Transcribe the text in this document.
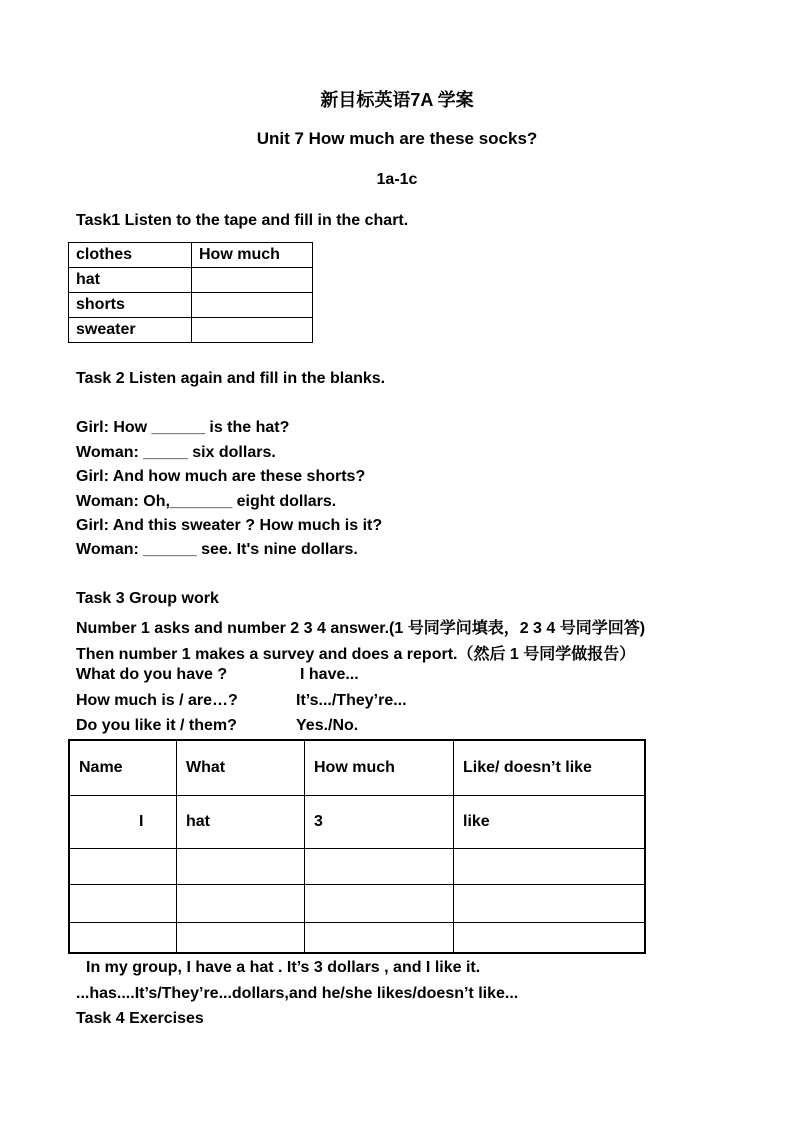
新目标英语7A 学案
Unit 7 How much are these socks?
1a-1c
Task1 Listen to the tape and fill in the chart.
clothes	How much
hat	
shorts	
sweater	
Task 2 Listen again and fill in the blanks.
Girl: How ______ is the hat?
Woman: _____ six dollars.
Girl: And how much are these shorts?
Woman: Oh,_______ eight dollars.
Girl: And this sweater ? How much is it?
Woman: ______ see. It's nine dollars.
Task 3 Group work
Number 1 asks and number 2 3 4 answer.(1 号同学问填表，2 3 4 号同学回答)
Then number 1 makes a survey and does a report.（然后 1 号同学做报告）
What do you have ?	I have...
How much is / are…?	It’s.../They’re...
Do you like it / them?	Yes./No.
Name	What	How much	Like/ doesn’t like
I	hat	3	like

In my group, I have a hat . It’s 3 dollars , and I like it.
...has....It’s/They’re...dollars,and he/she likes/doesn’t like...
Task 4 Exercises
